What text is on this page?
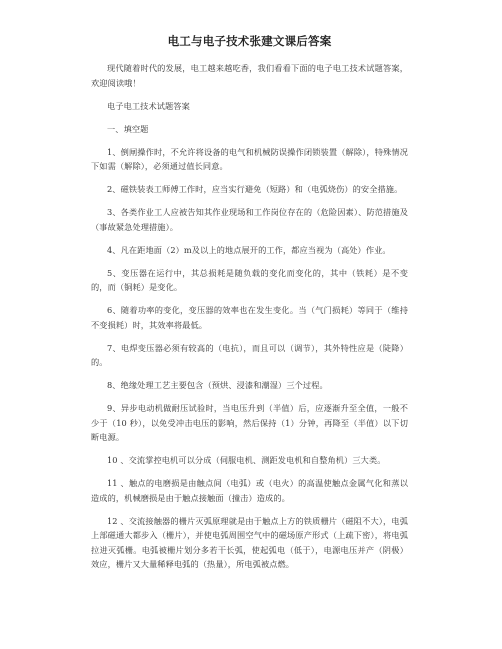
电工与电子技术张建文课后答案

现代随着时代的发展，电工越来越吃香，我们看看下面的电子电工技术试题答案，欢迎阅读哦！

电子电工技术试题答案

一、填空题

1、倒闸操作时，不允许将设备的电气和机械防误操作闭锁装置（解除），特殊情况下如需（解除），必须通过值长同意。

2、磁铁装表工师傅工作时，应当实行避免（短路）和（电弧烧伤）的安全措施。

3、各类作业工人应被告知其作业现场和工作岗位存在的（危险因素）、防范措施及（事故紧急处理措施）。

4、凡在距地面（2）m及以上的地点展开的工作，都应当视为（高处）作业。

5、变压器在运行中，其总损耗是随负载的变化而变化的，其中（铁耗）是不变的，而（铜耗）是变化。

6、随着功率的变化，变压器的效率也在发生变化。当（气门损耗）等同于（维持不变损耗）时，其效率将最低。

7、电焊变压器必须有较高的（电抗），而且可以（调节），其外特性应是（陡降）的。

8、绝缘处理工艺主要包含（预烘、浸漆和潮湿）三个过程。

9、异步电动机做耐压试验时，当电压升到（半值）后，应逐渐升至全值，一般不少于（10 秒），以免受冲击电压的影响，然后保持（1）分钟，再降至（半值）以下切断电源。

10 、交流掌控电机可以分成（伺服电机、测距发电机和自整角机）三大类。

11 、触点的电磨损是由触点间（电弧）或（电火）的高温使触点金属气化和蒸以造成的，机械磨损是由于触点接触面（撞击）造成的。

12 、交流接触器的栅片灭弧原理就是由于触点上方的铁质栅片（磁阻不大），电弧上部磁通大都步入（栅片），并使电弧周围空气中的磁场原产形式（上疏下密），将电弧拉进灭弧栅。电弧被栅片划分多若干长弧，使起弧电（低于），电源电压并产（阴极）效应，栅片又大量稀释电弧的（热量），所电弧被点燃。
